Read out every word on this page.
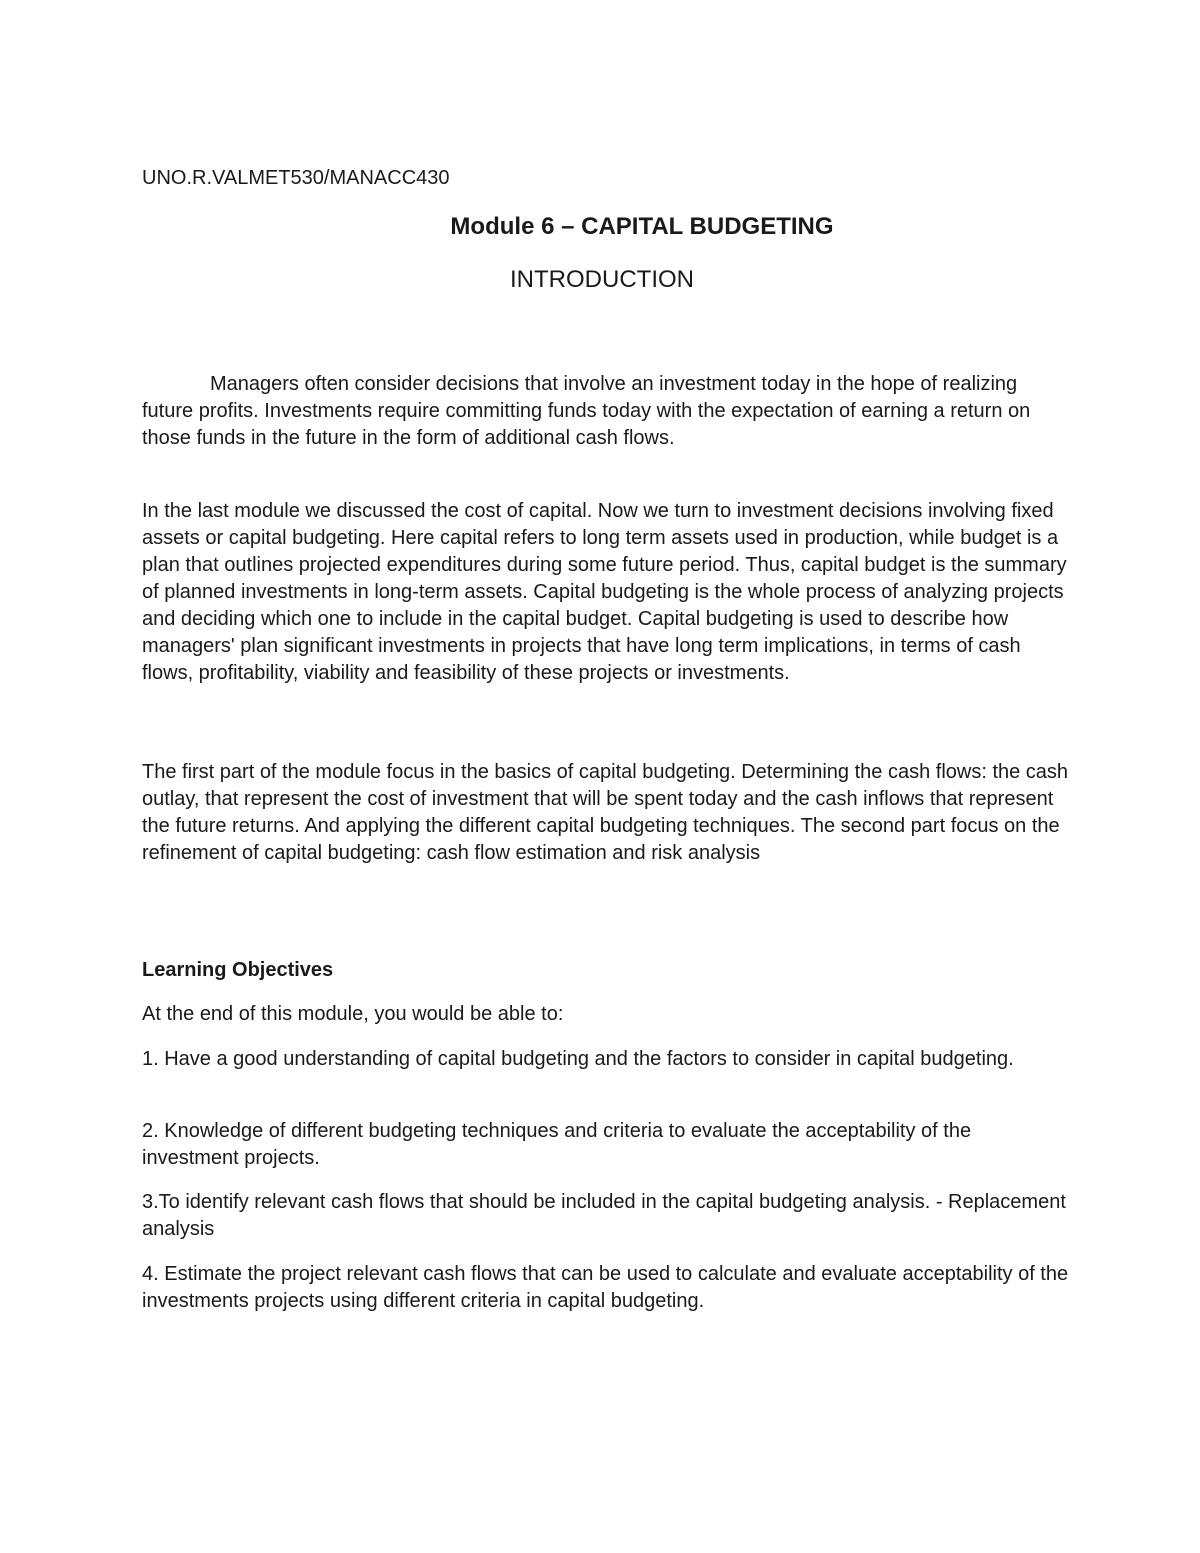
UNO.R.VALMET530/MANACC430
Module 6 – CAPITAL BUDGETING
INTRODUCTION

Managers often consider decisions that involve an investment today in the hope of realizing future profits. Investments require committing funds today with the expectation of earning a return on those funds in the future in the form of additional cash flows.

In the last module we discussed the cost of capital. Now we turn to investment decisions involving fixed assets or capital budgeting. Here capital refers to long term assets used in production, while budget is a plan that outlines projected expenditures during some future period. Thus, capital budget is the summary of planned investments in long-term assets. Capital budgeting is the whole process of analyzing projects and deciding which one to include in the capital budget. Capital budgeting is used to describe how managers' plan significant investments in projects that have long term implications, in terms of cash flows, profitability, viability and feasibility of these projects or investments.

The first part of the module focus in the basics of capital budgeting. Determining the cash flows: the cash outlay, that represent the cost of investment that will be spent today and the cash inflows that represent the future returns. And applying the different capital budgeting techniques. The second part focus on the refinement of capital budgeting: cash flow estimation and risk analysis

Learning Objectives

At the end of this module, you would be able to:

1. Have a good understanding of capital budgeting and the factors to consider in capital budgeting.

2. Knowledge of different budgeting techniques and criteria to evaluate the acceptability of the investment projects.

3.To identify relevant cash flows that should be included in the capital budgeting analysis. - Replacement analysis

4. Estimate the project relevant cash flows that can be used to calculate and evaluate acceptability of the investments projects using different criteria in capital budgeting.
